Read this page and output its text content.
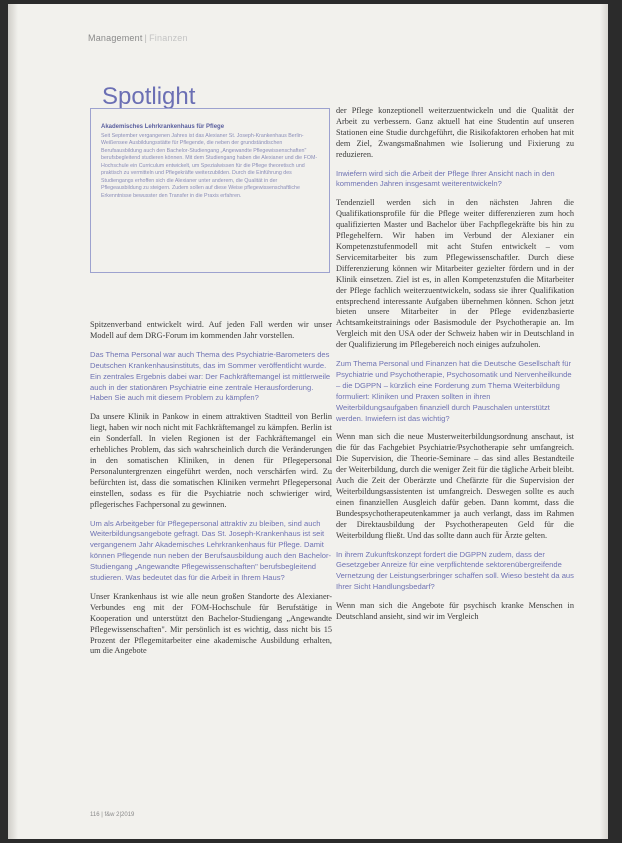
Management | Finanzen
Spotlight

Akademisches Lehrkrankenhaus für Pflege

Seit September vergangenen Jahres ist das Alexianer St. Joseph-Krankenhaus Berlin-Weißensee Ausbildungsstätte für Pflegende, die neben der grundständischen Berufsausbildung auch den Bachelor-Studiengang „Angewandte Pflegewissenschaften" berufsbegleitend studieren können. Mit dem Studiengang haben die Alexianer und die FOM-Hochschule ein Curriculum entwickelt, um Spezialwissen für die Pflege theoretisch und praktisch zu vermitteln und Pflegekräfte weiterzubilden. Durch die Einführung des Studiengangs erhoffen sich die Alexianer unter anderem, die Qualität in der Pflegeausbildung zu steigern. Zudem sollen auf diese Weise pflegewissenschaftliche Erkenntnisse bewusster den Transfer in die Praxis erfahren.

Spitzenverband entwickelt wird. Auf jeden Fall werden wir unser Modell auf dem DRG-Forum im kommenden Jahr vorstellen.

Das Thema Personal war auch Thema des Psychiatrie-Barometers des Deutschen Krankenhausinstituts, das im Sommer veröffentlicht wurde. Ein zentrales Ergebnis dabei war: Der Fachkräftemangel ist mittlerweile auch in der stationären Psychiatrie eine zentrale Herausforderung. Haben Sie auch mit diesem Problem zu kämpfen?

Da unsere Klinik in Pankow in einem attraktiven Stadtteil von Berlin liegt, haben wir noch nicht mit Fachkräftemangel zu kämpfen. Berlin ist ein Sonderfall. In vielen Regionen ist der Fachkräftemangel ein erhebliches Problem, das sich wahrscheinlich durch die Veränderungen in den somatischen Kliniken, in denen für Pflegepersonal Personaluntergrenzen eingeführt werden, noch verschärfen wird. Zu befürchten ist, dass die somatischen Kliniken vermehrt Pflegepersonal einstellen, sodass es für die Psychiatrie noch schwieriger wird, pflegerisches Fachpersonal zu gewinnen.

Um als Arbeitgeber für Pflegepersonal attraktiv zu bleiben, sind auch Weiterbildungsangebote gefragt. Das St. Joseph-Krankenhaus ist seit vergangenem Jahr Akademisches Lehrkrankenhaus für Pflege. Damit können Pflegende nun neben der Berufsausbildung auch den Bachelor-Studiengang „Angewandte Pflegewissenschaften" berufsbegleitend studieren. Was bedeutet das für die Arbeit in Ihrem Haus?

Unser Krankenhaus ist wie alle neun großen Standorte des Alexianer-Verbundes eng mit der FOM-Hochschule für Berufstätige in Kooperation und unterstützt den Bachelor-Studiengang „Angewandte Pflegewissenschaften". Mir persönlich ist es wichtig, dass nicht bis 15 Prozent der Pflegemitarbeiter eine akademische Ausbildung erhalten, um die Angebote

der Pflege konzeptionell weiterzuentwickeln und die Qualität der Arbeit zu verbessern. Ganz aktuell hat eine Studentin auf unseren Stationen eine Studie durchgeführt, die Risikofaktoren erhoben hat mit dem Ziel, Zwangsmaßnahmen wie Isolierung und Fixierung zu reduzieren.

Inwiefern wird sich die Arbeit der Pflege Ihrer Ansicht nach in den kommenden Jahren insgesamt weiterentwickeln?

Tendenziell werden sich in den nächsten Jahren die Qualifikationsprofile für die Pflege weiter differenzieren zum hoch qualifizierten Master und Bachelor über Fachpflegekräfte bis hin zu Pflegehelfern. Wir haben im Verbund der Alexianer ein Kompetenzstufenmodell mit acht Stufen entwickelt – vom Servicemitarbeiter bis zum Pflegewissenschaftler. Durch diese Differenzierung können wir Mitarbeiter gezielter fördern und in der Klinik einsetzen. Ziel ist es, in allen Kompetenzstufen die Mitarbeiter der Pflege fachlich weiterzuentwickeln, sodass sie ihrer Qualifikation entsprechend interessante Aufgaben übernehmen können. Schon jetzt bieten unsere Mitarbeiter in der Pflege evidenzbasierte Achtsamkeitstrainings oder Basismodule der Psychotherapie an. Im Vergleich mit den USA oder der Schweiz haben wir in Deutschland in der Qualifizierung im Pflegebereich noch einiges aufzuholen.

Zum Thema Personal und Finanzen hat die Deutsche Gesellschaft für Psychiatrie und Psychotherapie, Psychosomatik und Nervenheilkunde – die DGPPN – kürzlich eine Forderung zum Thema Weiterbildung formuliert: Kliniken und Praxen sollten in ihren Weiterbildungsaufgaben finanziell durch Pauschalen unterstützt werden. Inwiefern ist das wichtig?

Wenn man sich die neue Musterweiterbildungsordnung anschaut, ist die für das Fachgebiet Psychiatrie/Psychotherapie sehr umfangreich. Die Supervision, die Theorie-Seminare – das sind alles Bestandteile der Weiterbildung, durch die weniger Zeit für die tägliche Arbeit bleibt. Auch die Zeit der Oberärzte und Chefärzte für die Supervision der Weiterbildungsassistenten ist umfangreich. Deswegen sollte es auch einen finanziellen Ausgleich dafür geben. Dann kommt, dass die Bundespsychotherapeutenkammer ja auch verlangt, dass im Rahmen der Direktausbildung der Psychotherapeuten Geld für die Weiterbildung fließt. Und das sollte dann auch für Ärzte gelten.

In ihrem Zukunftskonzept fordert die DGPPN zudem, dass der Gesetzgeber Anreize für eine verpflichtende sektorenübergreifende Vernetzung der Leistungserbringer schaffen soll. Wieso besteht da aus Ihrer Sicht Handlungsbedarf?

Wenn man sich die Angebote für psychisch kranke Menschen in Deutschland ansieht, sind wir im Vergleich

116 | f&w 2|2019
